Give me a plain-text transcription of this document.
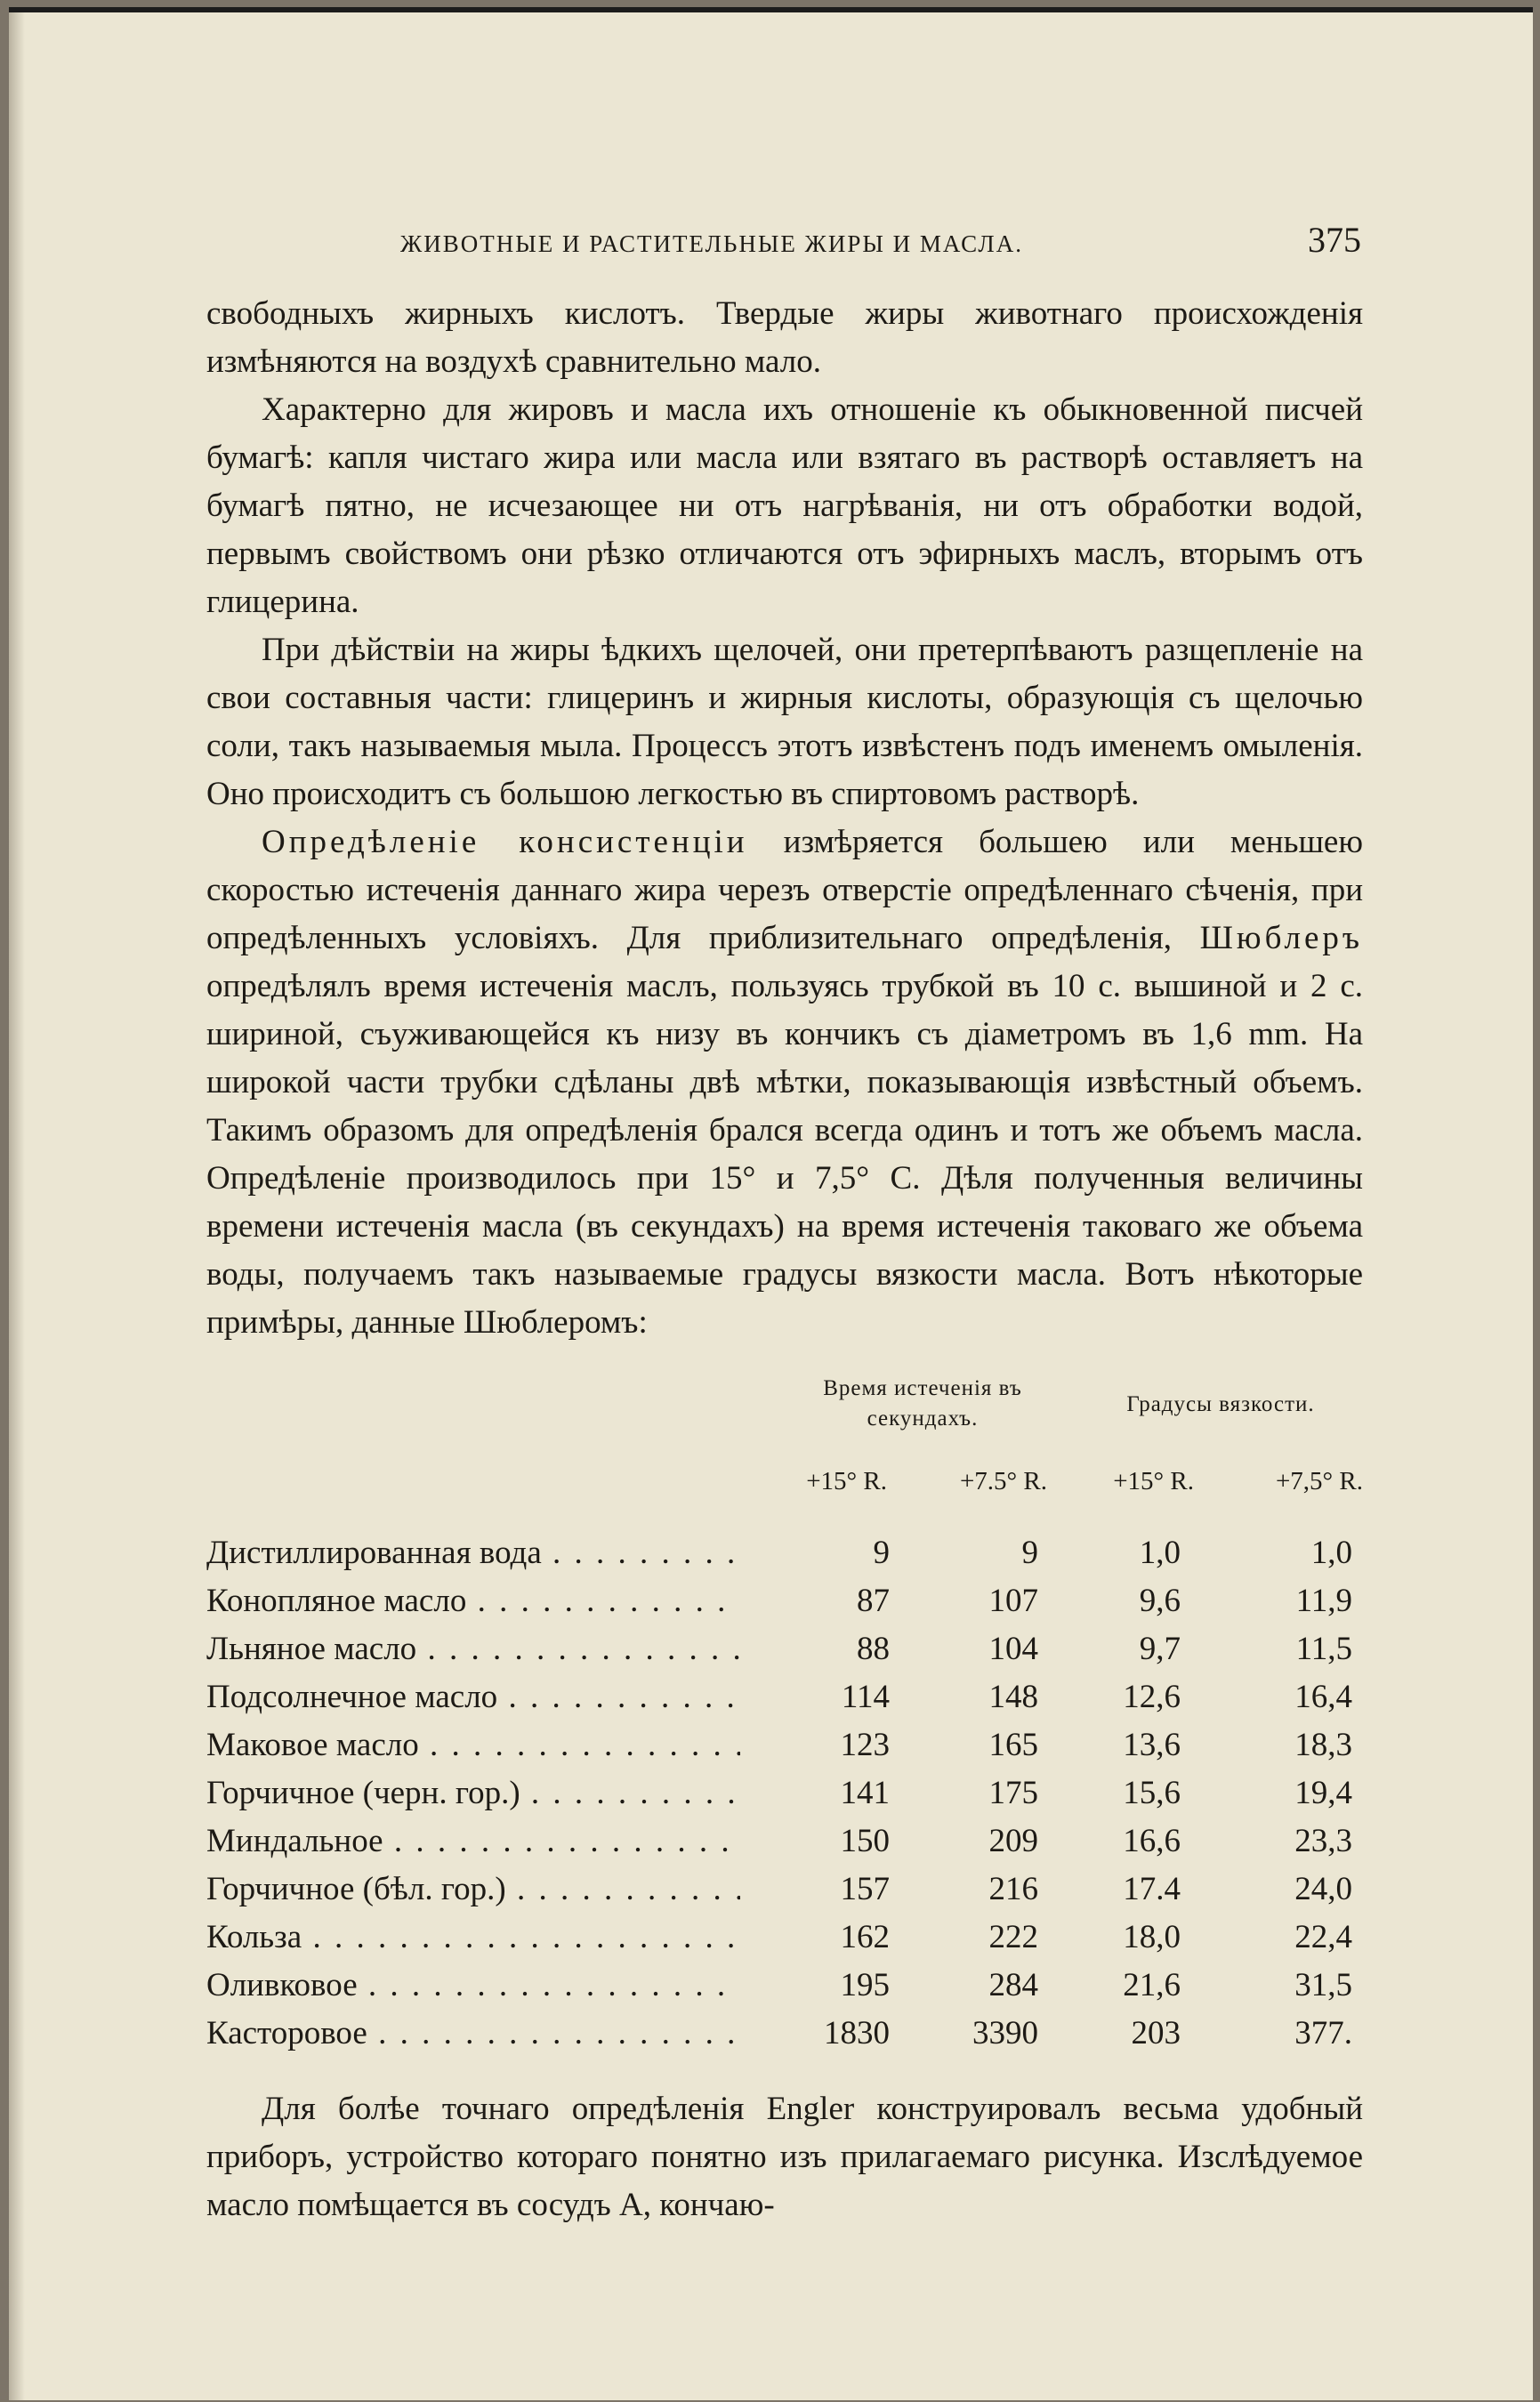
ЖИВОТНЫЕ И РАСТИТЕЛЬНЫЕ ЖИРЫ И МАСЛА.	375

свободныхъ жирныхъ кислотъ. Твердые жиры животнаго происхожденія измѣняются на воздухѣ сравнительно мало.

Характерно для жировъ и масла ихъ отношеніе къ обыкновенной писчей бумагѣ: капля чистаго жира или масла или взятаго въ растворѣ оставляетъ на бумагѣ пятно, не исчезающее ни отъ нагрѣванія, ни отъ обработки водой, первымъ свойствомъ они рѣзко отличаются отъ эфирныхъ маслъ, вторымъ отъ глицерина.

При дѣйствіи на жиры ѣдкихъ щелочей, они претерпѣваютъ разщепленіе на свои составныя части: глицеринъ и жирныя кислоты, образующія съ щелочью соли, такъ называемыя мыла. Процессъ этотъ извѣстенъ подъ именемъ омыленія. Оно происходитъ съ большою легкостью въ спиртовомъ растворѣ.

Опредѣленіе консистенціи измѣряется большею или меньшею скоростью истеченія даннаго жира черезъ отверстіе опредѣленнаго сѣченія, при опредѣленныхъ условіяхъ. Для приблизительнаго опредѣленія, Шюблеръ опредѣлялъ время истеченія маслъ, пользуясь трубкой въ 10 с. вышиной и 2 с. шириной, съуживающейся къ низу въ кончикъ съ діаметромъ въ 1,6 mm. На широкой части трубки сдѣланы двѣ мѣтки, показывающія извѣстный объемъ. Такимъ образомъ для опредѣленія брался всегда одинъ и тотъ же объемъ масла. Опредѣленіе производилось при 15° и 7,5° С. Дѣля полученныя величины времени истеченія масла (въ секундахъ) на время истеченія таковаго же объема воды, получаемъ такъ называемые градусы вязкости масла. Вотъ нѣкоторые примѣры, данные Шюблеромъ:

Время истеченія въ секундахъ.
Градусы вязкости.
+15° R.	+7.5° R.	+15° R.	+7,5° R.
Дистиллированная вода . . .	9	9	1,0	1,0
Конопляное масло . . .	87	107	9,6	11,9
Льняное масло . . .	88	104	9,7	11,5
Подсолнечное масло . . .	114	148	12,6	16,4
Маковое масло . . .	123	165	13,6	18,3
Горчичное (черн. гор.) . . .	141	175	15,6	19,4
Миндальное . . .	150	209	16,6	23,3
Горчичное (бѣл. гор.) . . .	157	216	17.4	24,0
Кольза . . .	162	222	18,0	22,4
Оливковое . . .	195	284	21,6	31,5
Касторовое . . .	1830	3390	203	377.

Для болѣе точнаго опредѣленія Engler конструировалъ весьма удобный приборъ, устройство котораго понятно изъ прилагаемаго рисунка. Изслѣдуемое масло помѣщается въ сосудъ A, кончаю-
